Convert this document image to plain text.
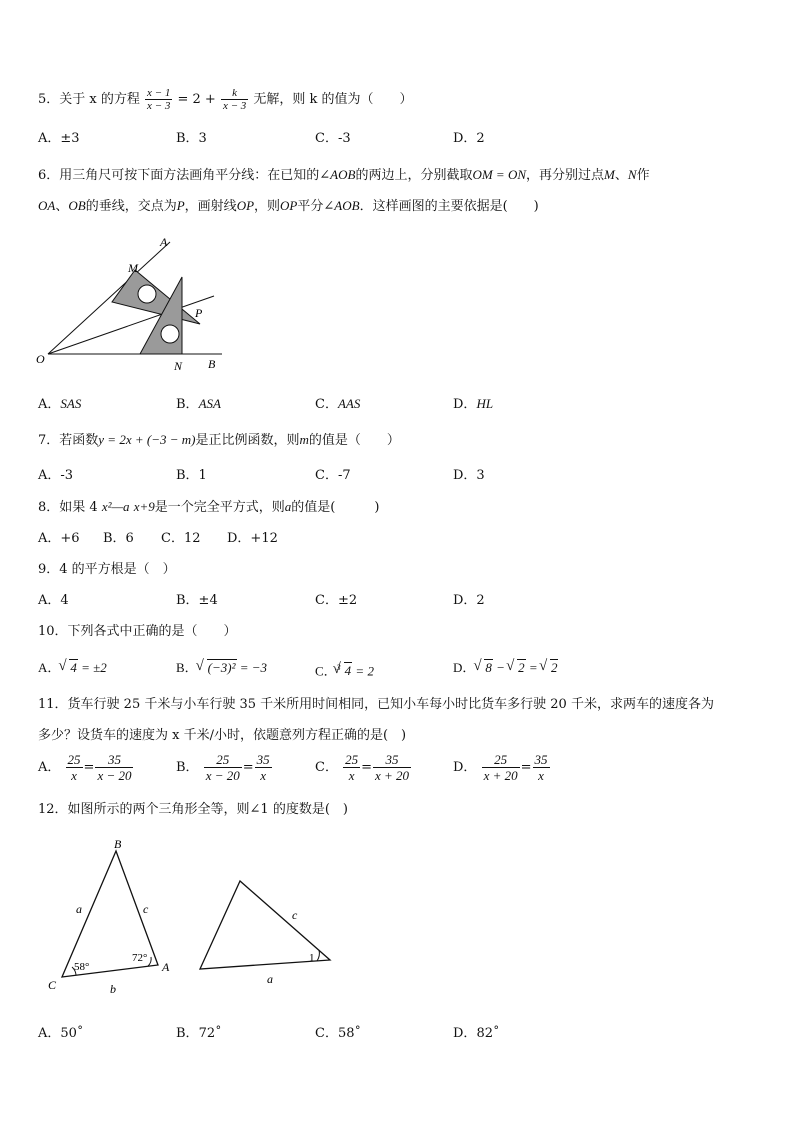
5．关于 x 的方程 $\frac{x - 1}{x - 3} = 2 + \frac{k}{x - 3}$ 无解，则 k 的值为（　　）
A．±3	B．3	C．-3	D．2
6．用三角尺可按下面方法画角平分线：在已知的∠AOB的两边上，分别截取OM = ON，再分别过点M、N作
OA、OB的垂线，交点为P，画射线OP，则OP平分∠AOB．这样画图的主要依据是(　　)
A
M
P
O	N B
A．SAS	B．ASA	C．AAS	D．HL
7．若函数y = 2x + (−3 − m)是正比例函数，则m的值是（　　）
A．-3	B．1	C．-7	D．3
8．如果 4 x²—a x+9是一个完全平方式，则a的值是(　　　)
A．+6 B．6 C．12 D．+12
9．4 的平方根是（　）
A．4	B．±4	C．±2	D．2
10．下列各式中正确的是（　　）
A． √ 4 = ±2	B． √ (−3)² = −3	C．$^3$ √ 4 = 2	D． √ 8 − √ 2 = √ 2
11．货车行驶 25 千米与小车行驶 35 千米所用时间相同，已知小车每小时比货车多行驶 20 千米，求两车的速度各为
多少？设货车的速度为 x 千米/小时，依题意列方程正确的是(　)
A． $\frac{25}{x} = \frac{35}{x - 20}$	B． $\frac{25}{x - 20} = \frac{35}{x}$	C． $\frac{25}{x} = \frac{35}{x + 20}$	D． $\frac{25}{x + 20} = \frac{35}{x}$
12．如图所示的两个三角形全等，则∠1 的度数是(　)
B
a	c
C
A
b
58°
72°
c
1
a
A．50˚	B．72˚	C．58˚	D．82˚
